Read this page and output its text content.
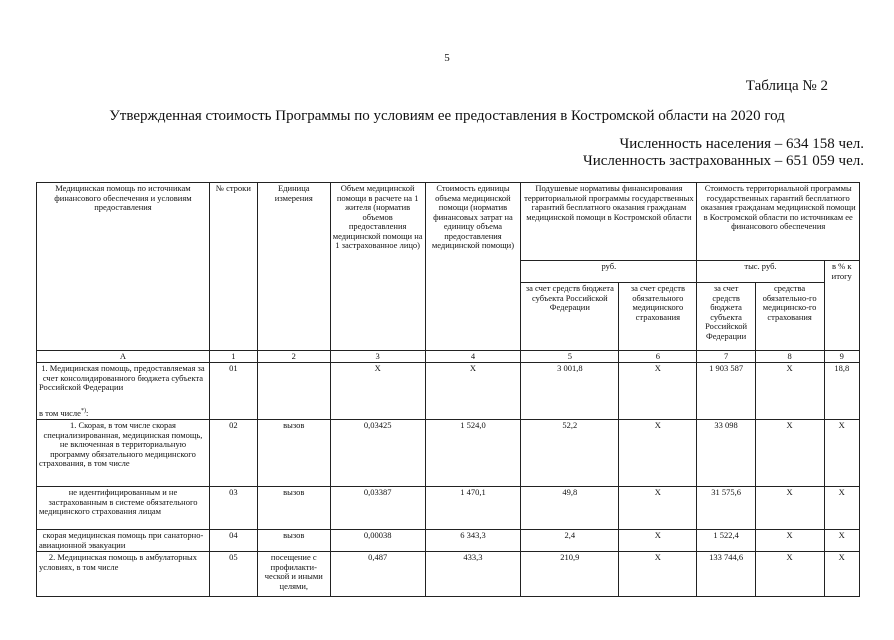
5
Таблица № 2
Утвержденная стоимость Программы по условиям ее предоставления в Костромской области на 2020 год
Численность населения – 634 158 чел.
Численность застрахованных – 651 059 чел.
Медицинская помощь по источникам финансового обеспечения и условиям предоставления	№ строки	Единица измерения	Объем медицинской помощи в расчете на 1 жителя (норматив объемов предоставления медицинской помощи на 1 застрахованное лицо)	Стоимость единицы объема медицинской помощи (норматив финансовых затрат на единицу объема предоставления медицинской помощи)	Подушевые нормативы финансирования территориальной программы государственных гарантий бесплатного оказания гражданам медицинской помощи в Костромской области		Стоимость территориальной программы государственных гарантий бесплатного оказания гражданам медицинской помощи в Костромской области по источникам ее финансового обеспечения		
					руб.		тыс. руб.		в % к итогу
					за счет средств бюджета субъекта Российской Федерации	за счет средств обязательного медицинского страхования	за счет средств бюджета субъекта Российской Федерации	средства обязательно-го медицинско-го страхования	
А	1	2	3	4	5	6	7	8	9
1. Медицинская помощь, предоставляемая за счет консолидированного бюджета субъекта Российской Федерации	01		X	X	3 001,8	X	1 903 587	X	18,8
в том числе*):									
1. Скорая, в том числе скорая специализированная, медицинская помощь, не включенная в территориальную программу обязательного медицинского страхования, в том числе	02	вызов	0,03425	1 524,0	52,2	X	33 098	X	X
не идентифицированным и не застрахованным в системе обязательного медицинского страхования лицам	03	вызов	0,03387	1 470,1	49,8	X	31 575,6	X	X
скорая медицинская помощь при санаторно-авиационной эвакуации	04	вызов	0,00038	6 343,3	2,4	X	1 522,4	X	X
2. Медицинская помощь в амбулаторных условиях, в том числе	05	посещение с профилакти-ческой и иными целями,	0,487	433,3	210,9	X	133 744,6	X	X
